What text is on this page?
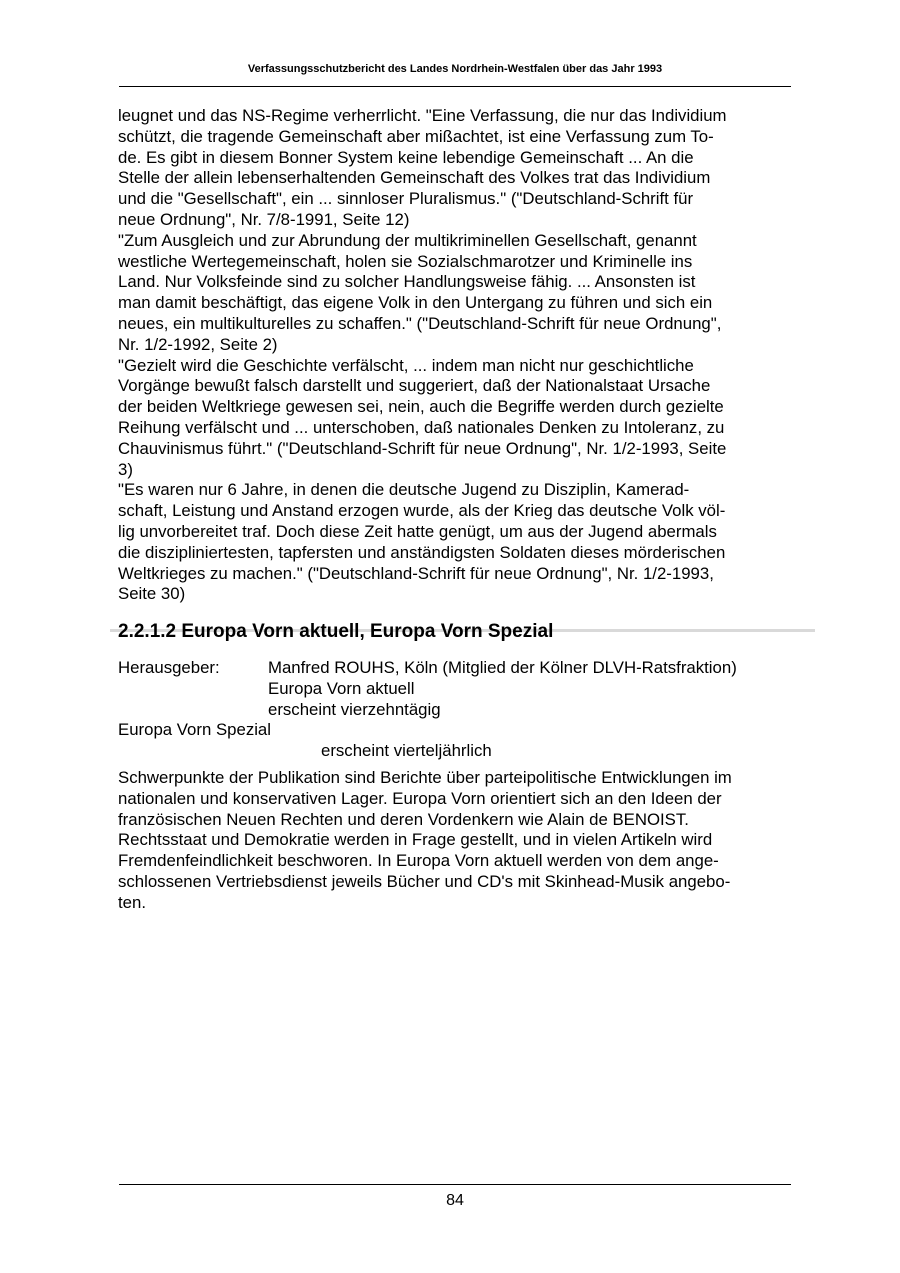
Verfassungsschutzbericht des Landes Nordrhein-Westfalen über das Jahr 1993

leugnet und das NS-Regime verherrlicht. "Eine Verfassung, die nur das Individium
schützt, die tragende Gemeinschaft aber mißachtet, ist eine Verfassung zum To-
de. Es gibt in diesem Bonner System keine lebendige Gemeinschaft ... An die
Stelle der allein lebenserhaltenden Gemeinschaft des Volkes trat das Individium
und die "Gesellschaft", ein ... sinnloser Pluralismus." ("Deutschland-Schrift für
neue Ordnung", Nr. 7/8-1991, Seite 12)

"Zum Ausgleich und zur Abrundung der multikriminellen Gesellschaft, genannt
westliche Wertegemeinschaft, holen sie Sozialschmarotzer und Kriminelle ins
Land. Nur Volksfeinde sind zu solcher Handlungsweise fähig. ... Ansonsten ist
man damit beschäftigt, das eigene Volk in den Untergang zu führen und sich ein
neues, ein multikulturelles zu schaffen." ("Deutschland-Schrift für neue Ordnung",
Nr. 1/2-1992, Seite 2)

"Gezielt wird die Geschichte verfälscht, ... indem man nicht nur geschichtliche
Vorgänge bewußt falsch darstellt und suggeriert, daß der Nationalstaat Ursache
der beiden Weltkriege gewesen sei, nein, auch die Begriffe werden durch gezielte
Reihung verfälscht und ... unterschoben, daß nationales Denken zu Intoleranz, zu
Chauvinismus führt." ("Deutschland-Schrift für neue Ordnung", Nr. 1/2-1993, Seite
3)

"Es waren nur 6 Jahre, in denen die deutsche Jugend zu Disziplin, Kamerad-
schaft, Leistung und Anstand erzogen wurde, als der Krieg das deutsche Volk völ-
lig unvorbereitet traf. Doch diese Zeit hatte genügt, um aus der Jugend abermals
die diszipliniertesten, tapfersten und anständigsten Soldaten dieses mörderischen
Weltkrieges zu machen." ("Deutschland-Schrift für neue Ordnung", Nr. 1/2-1993,
Seite 30)

2.2.1.2 Europa Vorn aktuell, Europa Vorn Spezial
Herausgeber:	Manfred ROUHS, Köln (Mitglied der Kölner DLVH-Ratsfraktion)
Europa Vorn aktuell
erscheint vierzehntägig
Europa Vorn Spezial
erscheint vierteljährlich

Schwerpunkte der Publikation sind Berichte über parteipolitische Entwicklungen im
nationalen und konservativen Lager. Europa Vorn orientiert sich an den Ideen der
französischen Neuen Rechten und deren Vordenkern wie Alain de BENOIST.
Rechtsstaat und Demokratie werden in Frage gestellt, und in vielen Artikeln wird
Fremdenfeindlichkeit beschworen. In Europa Vorn aktuell werden von dem ange-
schlossenen Vertriebsdienst jeweils Bücher und CD's mit Skinhead-Musik angebo-
ten.

84
